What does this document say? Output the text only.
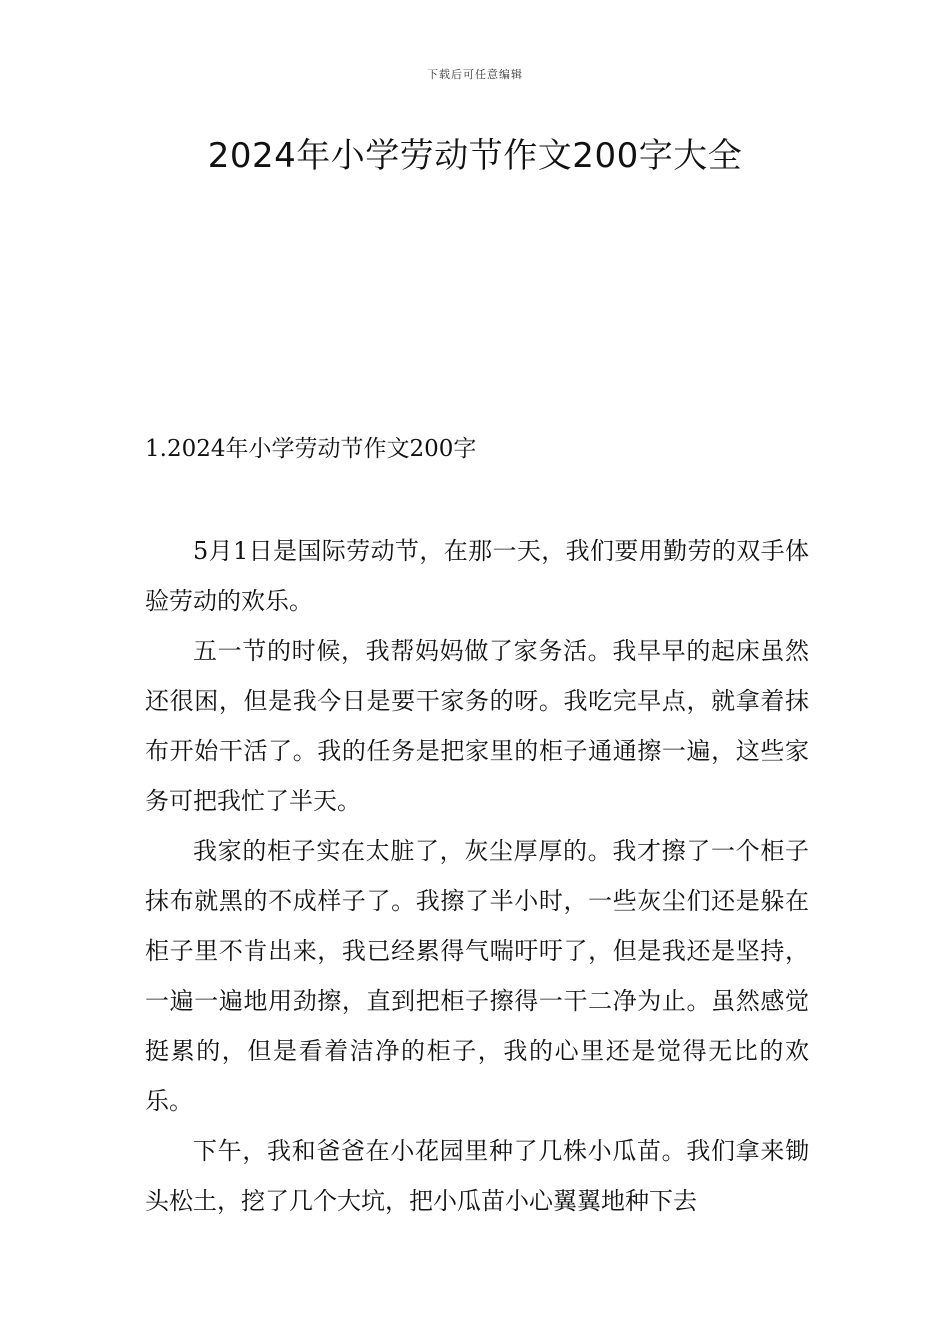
下载后可任意编辑
2024年小学劳动节作文200字大全
1.2024年小学劳动节作文200字

5月1日是国际劳动节，在那一天，我们要用勤劳的双手体验劳动的欢乐。

五一节的时候，我帮妈妈做了家务活。我早早的起床虽然还很困，但是我今日是要干家务的呀。我吃完早点，就拿着抹布开始干活了。我的任务是把家里的柜子通通擦一遍，这些家务可把我忙了半天。

我家的柜子实在太脏了，灰尘厚厚的。我才擦了一个柜子抹布就黑的不成样子了。我擦了半小时，一些灰尘们还是躲在柜子里不肯出来，我已经累得气喘吁吁了，但是我还是坚持，一遍一遍地用劲擦，直到把柜子擦得一干二净为止。虽然感觉挺累的，但是看着洁净的柜子，我的心里还是觉得无比的欢乐。

下午，我和爸爸在小花园里种了几株小瓜苗。我们拿来锄头松土，挖了几个大坑，把小瓜苗小心翼翼地种下去
